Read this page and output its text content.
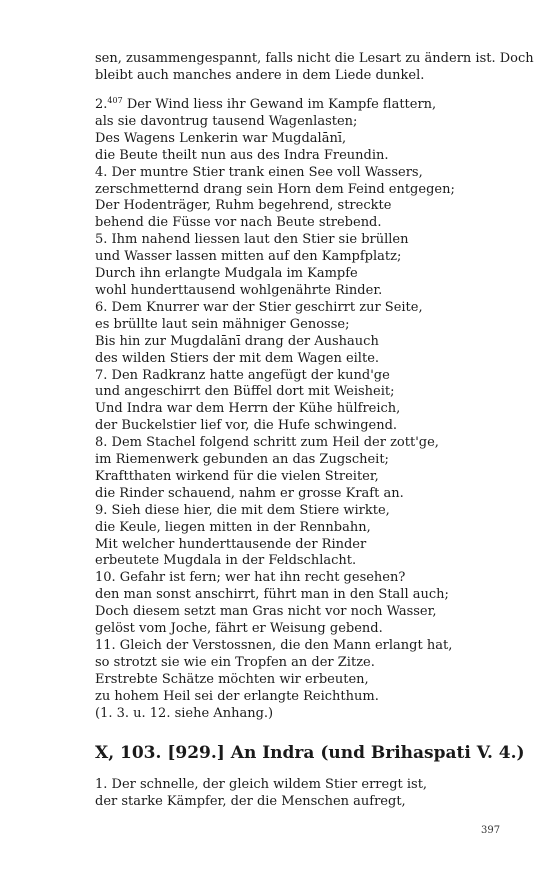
sen, zusammengespannt, falls nicht die Lesart zu ändern ist. Doch
bleibt auch manches andere in dem Liede dunkel.
2.$^{407}$ Der Wind liess ihr Gewand im Kampfe flattern,
als sie davontrug tausend Wagenlasten;
Des Wagens Lenkerin war Mugdalānī,
die Beute theilt nun aus des Indra Freundin.
4. Der muntre Stier trank einen See voll Wassers,
zerschmetternd drang sein Horn dem Feind entgegen;
Der Hodenträger, Ruhm begehrend, streckte
behend die Füsse vor nach Beute strebend.
5. Ihm nahend liessen laut den Stier sie brüllen
und Wasser lassen mitten auf den Kampfplatz;
Durch ihn erlangte Mudgala im Kampfe
wohl hunderttausend wohlgenährte Rinder.
6. Dem Knurrer war der Stier geschirrt zur Seite,
es brüllte laut sein mähniger Genosse;
Bis hin zur Mugdalānī drang der Aushauch
des wilden Stiers der mit dem Wagen eilte.
7. Den Radkranz hatte angefügt der kund'ge
und angeschirrt den Büffel dort mit Weisheit;
Und Indra war dem Herrn der Kühe hülfreich,
der Buckelstier lief vor, die Hufe schwingend.
8. Dem Stachel folgend schritt zum Heil der zott'ge,
im Riemenwerk gebunden an das Zugscheit;
Kraftthaten wirkend für die vielen Streiter,
die Rinder schauend, nahm er grosse Kraft an.
9. Sieh diese hier, die mit dem Stiere wirkte,
die Keule, liegen mitten in der Rennbahn,
Mit welcher hunderttausende der Rinder
erbeutete Mugdala in der Feldschlacht.
10. Gefahr ist fern; wer hat ihn recht gesehen?
den man sonst anschirrt, führt man in den Stall auch;
Doch diesem setzt man Gras nicht vor noch Wasser,
gelöst vom Joche, fährt er Weisung gebend.
11. Gleich der Verstossnen, die den Mann erlangt hat,
so strotzt sie wie ein Tropfen an der Zitze.
Erstrebte Schätze möchten wir erbeuten,
zu hohem Heil sei der erlangte Reichthum.
(1. 3. u. 12. siehe Anhang.)
X, 103. [929.] An Indra (und Brihaspati V. 4.)
1. Der schnelle, der gleich wildem Stier erregt ist,
der starke Kämpfer, der die Menschen aufregt,
397
